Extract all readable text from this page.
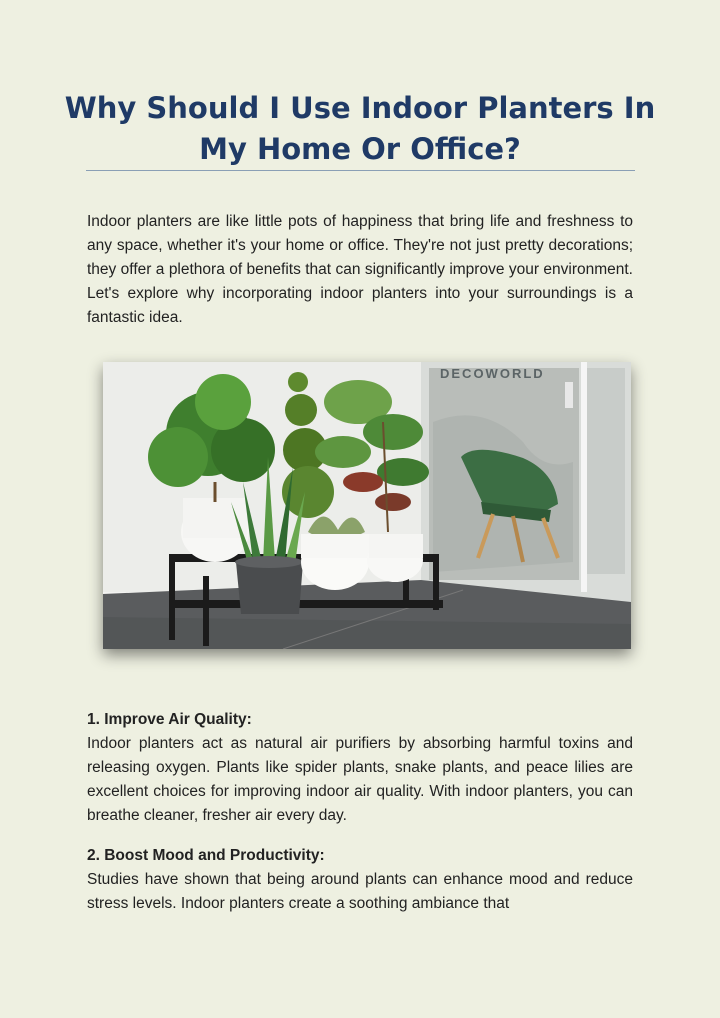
Why Should I Use Indoor Planters In My Home Or Office?

Indoor planters are like little pots of happiness that bring life and freshness to any space, whether it's your home or office. They're not just pretty decorations; they offer a plethora of benefits that can significantly improve your environment. Let's explore why incorporating indoor planters into your surroundings is a fantastic idea.

DECOWORLD

1. Improve Air Quality:

Indoor planters act as natural air purifiers by absorbing harmful toxins and releasing oxygen. Plants like spider plants, snake plants, and peace lilies are excellent choices for improving indoor air quality. With indoor planters, you can breathe cleaner, fresher air every day.

2. Boost Mood and Productivity:

Studies have shown that being around plants can enhance mood and reduce stress levels. Indoor planters create a soothing ambiance that
